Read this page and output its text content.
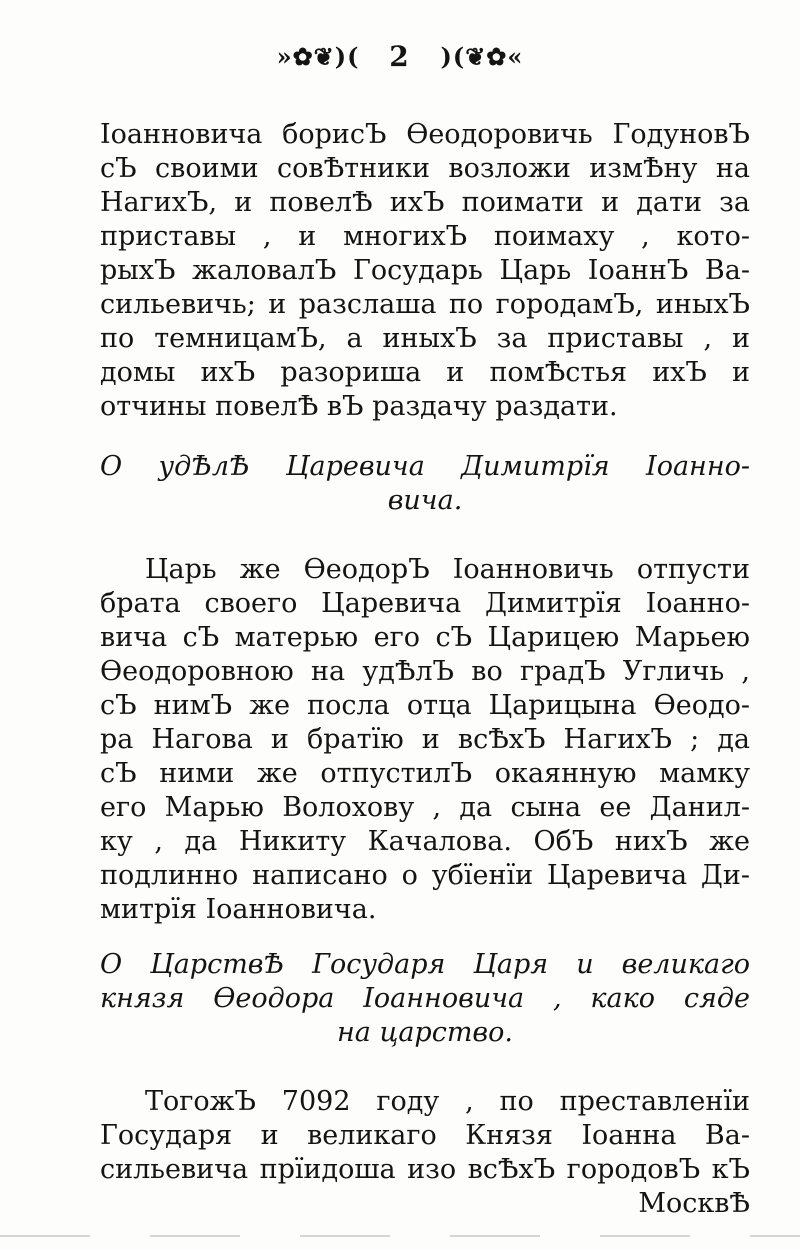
»✿❦)( 2 )(❦✿«
Іоанновича борисЪ Ѳеодоровичь ГодуновЪ
сЪ своими совѢтники возложи измѢну на
НагихЪ, и повелѢ ихЪ поимати и дати за
приставы , и многихЪ поимаху , кото-
рыхЪ жаловалЪ Государь Царь ІоаннЪ Ва-
сильевичь; и разслаша по городамЪ, иныхЪ
по темницамЪ, а иныхЪ за приставы , и
домы ихЪ разориша и помѢстья ихЪ и
отчины повелѢ вЪ раздачу раздати.
О удѢлѢ Царевича Димитрїя Іоанно-
вича.
Царь же ѲеодорЪ Іоанновичь отпусти
брата своего Царевича Димитрїя Іоанно-
вича сЪ матерью его сЪ Царицею Марьею
Ѳеодоровною на удѢлЪ во градЪ Угличь ,
сЪ нимЪ же посла отца Царицына Ѳеодо-
ра Нагова и братїю и всѢхЪ НагихЪ ; да
сЪ ними же отпустилЪ окаянную мамку
его Марью Волохову , да сына ее Данил-
ку , да Никиту Качалова. ОбЪ нихЪ же
подлинно написано о убїенїи Царевича Ди-
митрїя Іоанновича.
О ЦарствѢ Государя Царя и великаго
князя Ѳеодора Іоанновича , како сяде
на царство.
ТогожЪ 7092 году , по преставленїи
Государя и великаго Князя Іоанна Ва-
сильевича прїидоша изо всѢхЪ городовЪ кЪ
МосквѢ
